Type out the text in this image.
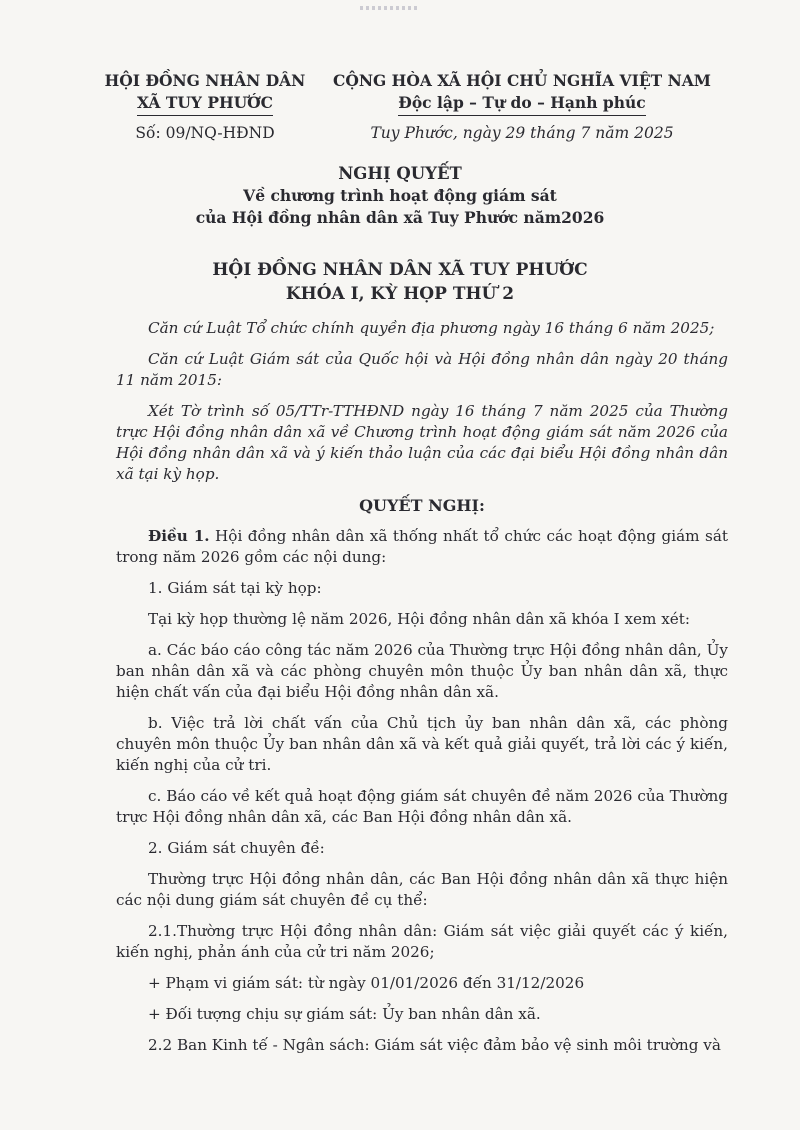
HỘI ĐỒNG NHÂN DÂN
XÃ TUY PHƯỚC
Số: 09/NQ-HĐND
CỘNG HÒA XÃ HỘI CHỦ NGHĨA VIỆT NAM
Độc lập – Tự do – Hạnh phúc
Tuy Phước, ngày 29 tháng 7 năm 2025
NGHỊ QUYẾT
Về chương trình hoạt động giám sát
của Hội đồng nhân dân xã Tuy Phước năm2026
HỘI ĐỒNG NHÂN DÂN XÃ TUY PHƯỚC
KHÓA I, KỲ HỌP THỨ 2

Căn cứ Luật Tổ chức chính quyền địa phương ngày 16 tháng 6 năm 2025;

Căn cứ Luật Giám sát của Quốc hội và Hội đồng nhân dân ngày 20 tháng 11 năm 2015:

Xét Tờ trình số 05/TTr-TTHĐND ngày 16 tháng 7 năm 2025 của Thường trực Hội đồng nhân dân xã về Chương trình hoạt động giám sát năm 2026 của Hội đồng nhân dân xã và ý kiến thảo luận của các đại biểu Hội đồng nhân dân xã tại kỳ họp.

QUYẾT NGHỊ:

Điều 1. Hội đồng nhân dân xã thống nhất tổ chức các hoạt động giám sát trong năm 2026 gồm các nội dung:

1. Giám sát tại kỳ họp:

Tại kỳ họp thường lệ năm 2026, Hội đồng nhân dân xã khóa I xem xét:

a. Các báo cáo công tác năm 2026 của Thường trực Hội đồng nhân dân, Ủy ban nhân dân xã và các phòng chuyên môn thuộc Ủy ban nhân dân xã, thực hiện chất vấn của đại biểu Hội đồng nhân dân xã.

b. Việc trả lời chất vấn của Chủ tịch ủy ban nhân dân xã, các phòng chuyên môn thuộc Ủy ban nhân dân xã và kết quả giải quyết, trả lời các ý kiến, kiến nghị của cử tri.

c. Báo cáo về kết quả hoạt động giám sát chuyên đề năm 2026 của Thường trực Hội đồng nhân dân xã, các Ban Hội đồng nhân dân xã.

2. Giám sát chuyên đề:

Thường trực Hội đồng nhân dân, các Ban Hội đồng nhân dân xã thực hiện các nội dung giám sát chuyên đề cụ thể:

2.1.Thường trực Hội đồng nhân dân: Giám sát việc giải quyết các ý kiến, kiến nghị, phản ánh của cử tri năm 2026;

+ Phạm vi giám sát: từ ngày 01/01/2026 đến 31/12/2026

+ Đối tượng chịu sự giám sát: Ủy ban nhân dân xã.

2.2 Ban Kinh tế - Ngân sách: Giám sát việc đảm bảo vệ sinh môi trường và
